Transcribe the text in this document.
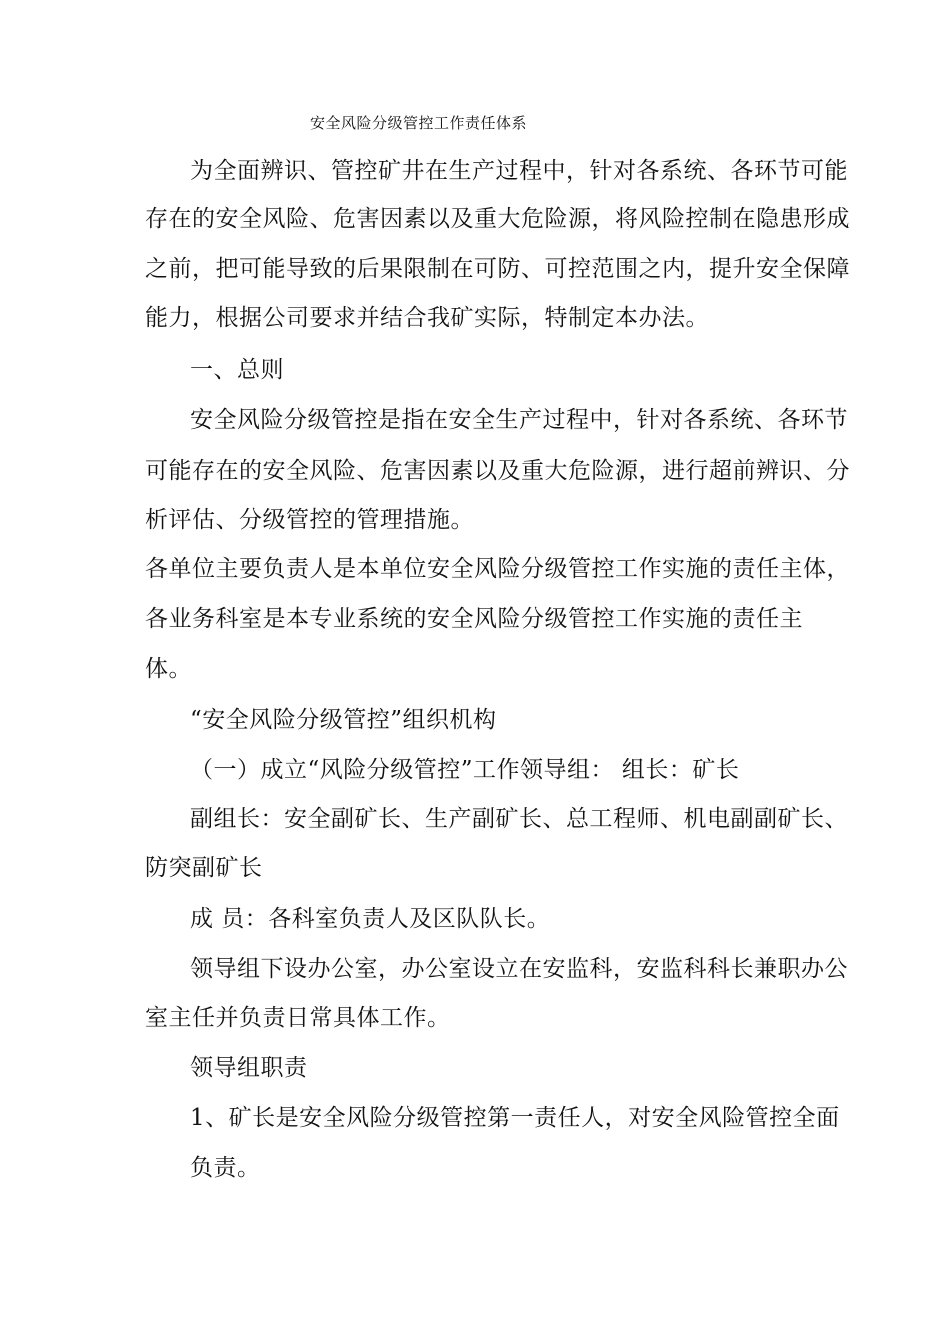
安全风险分级管控工作责任体系
为全面辨识、管控矿井在生产过程中，针对各系统、各环节可能
存在的安全风险、危害因素以及重大危险源，将风险控制在隐患形成
之前，把可能导致的后果限制在可防、可控范围之内，提升安全保障
能力，根据公司要求并结合我矿实际，特制定本办法。
一、总则
安全风险分级管控是指在安全生产过程中，针对各系统、各环节
可能存在的安全风险、危害因素以及重大危险源，进行超前辨识、分
析评估、分级管控的管理措施。
各单位主要负责人是本单位安全风险分级管控工作实施的责任主体，
各业务科室是本专业系统的安全风险分级管控工作实施的责任主
体。
“安全风险分级管控”组织机构
（一）成立“风险分级管控”工作领导组： 组长：矿长
副组长：安全副矿长、生产副矿长、总工程师、机电副副矿长、
防突副矿长
成 员：各科室负责人及区队队长。
领导组下设办公室，办公室设立在安监科，安监科科长兼职办公
室主任并负责日常具体工作。
领导组职责
1、矿长是安全风险分级管控第一责任人，对安全风险管控全面
负责。
